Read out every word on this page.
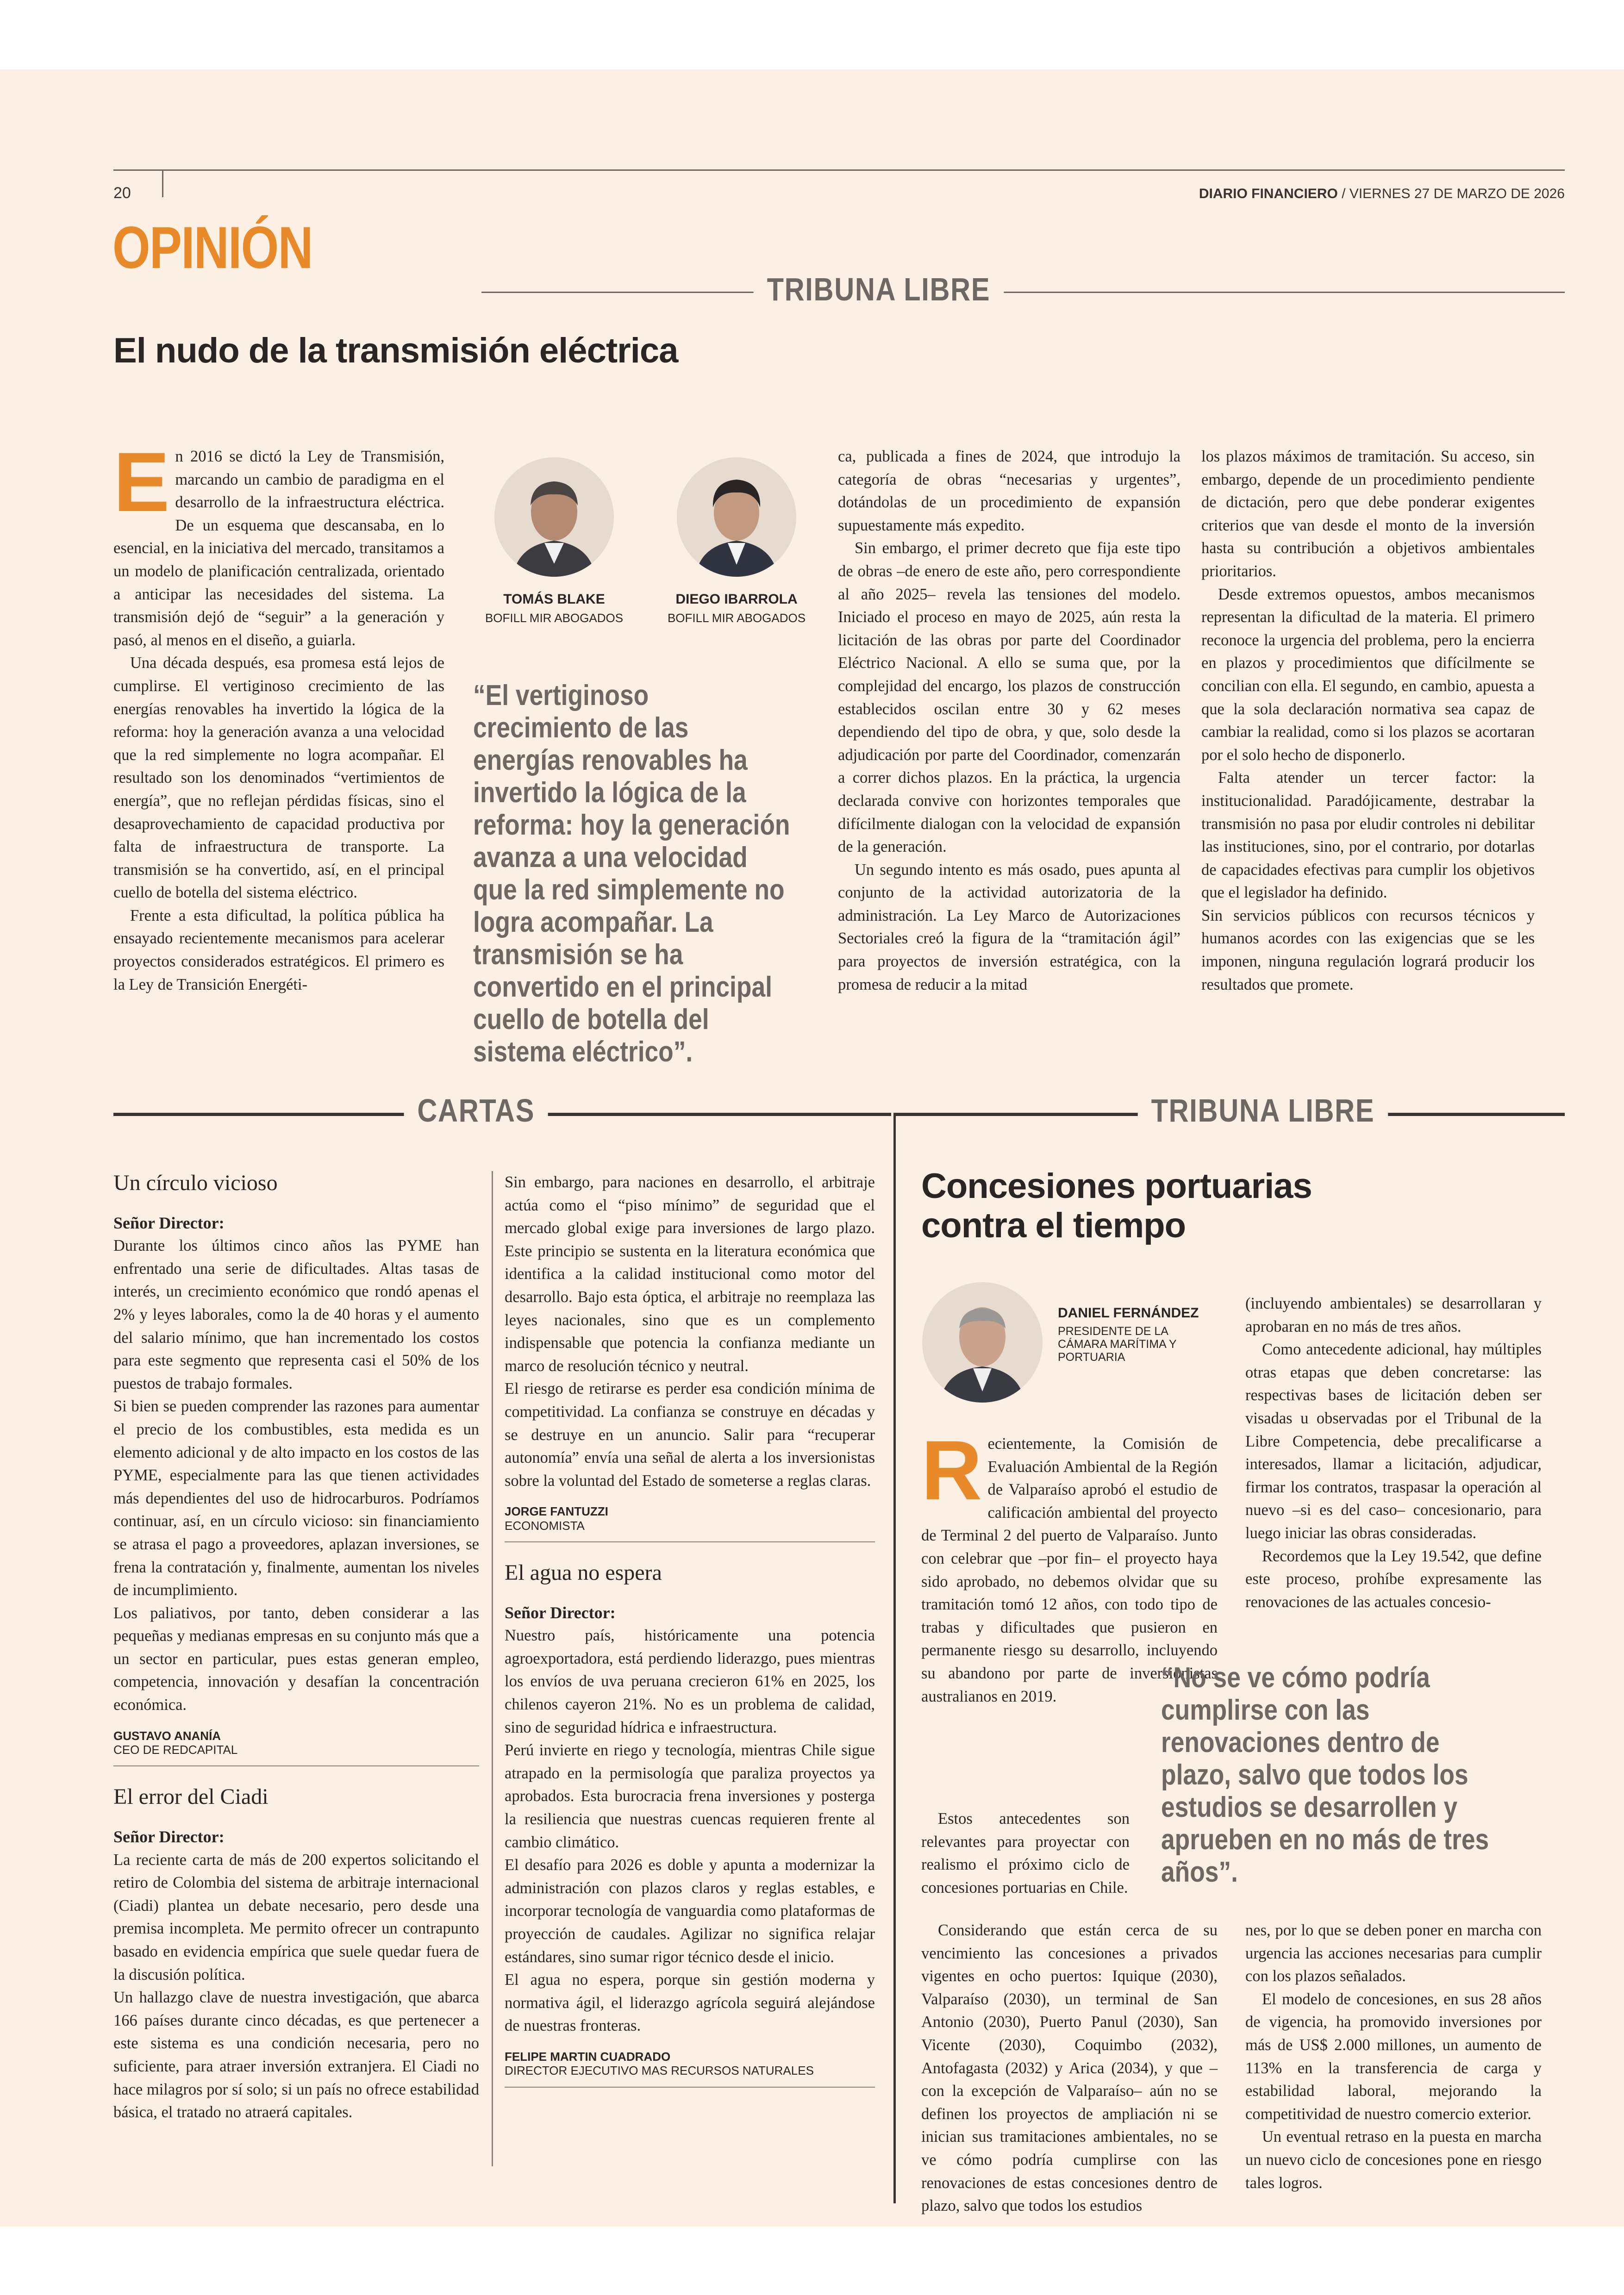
20	DIARIO FINANCIERO / VIERNES 27 DE MARZO DE 2026
OPINIÓN
TRIBUNA LIBRE
El nudo de la transmisión eléctrica

En 2016 se dictó la Ley de Transmisión, marcando un cambio de paradigma en el desarrollo de la infraestructura eléctrica. De un esquema que descansaba, en lo esencial, en la iniciativa del mercado, transitamos a un modelo de planificación centralizada, orientado a anticipar las necesidades del sistema. La transmisión dejó de “seguir” a la generación y pasó, al menos en el diseño, a guiarla.

Una década después, esa promesa está lejos de cumplirse. El vertiginoso crecimiento de las energías renovables ha invertido la lógica de la reforma: hoy la generación avanza a una velocidad que la red simplemente no logra acompañar. El resultado son los denominados “vertimientos de energía”, que no reflejan pérdidas físicas, sino el desaprovechamiento de capacidad productiva por falta de infraestructura de transporte. La transmisión se ha convertido, así, en el principal cuello de botella del sistema eléctrico.

Frente a esta dificultad, la política pública ha ensayado recientemente mecanismos para acelerar proyectos considerados estratégicos. El primero es la Ley de Transición Energéti-

TOMÁS BLAKE
BOFILL MIR ABOGADOS
DIEGO IBARROLA
BOFILL MIR ABOGADOS
“El vertiginoso crecimiento de las energías renovables ha invertido la lógica de la reforma: hoy la generación avanza a una velocidad que la red simplemente no logra acompañar. La transmisión se ha convertido en el principal cuello de botella del sistema eléctrico”.

ca, publicada a fines de 2024, que introdujo la categoría de obras “necesarias y urgentes”, dotándolas de un procedimiento de expansión supuestamente más expedito.

Sin embargo, el primer decreto que fija este tipo de obras –de enero de este año, pero correspondiente al año 2025– revela las tensiones del modelo. Iniciado el proceso en mayo de 2025, aún resta la licitación de las obras por parte del Coordinador Eléctrico Nacional. A ello se suma que, por la complejidad del encargo, los plazos de construcción establecidos oscilan entre 30 y 62 meses dependiendo del tipo de obra, y que, solo desde la adjudicación por parte del Coordinador, comenzarán a correr dichos plazos. En la práctica, la urgencia declarada convive con horizontes temporales que difícilmente dialogan con la velocidad de expansión de la generación.

Un segundo intento es más osado, pues apunta al conjunto de la actividad autorizatoria de la administración. La Ley Marco de Autorizaciones Sectoriales creó la figura de la “tramitación ágil” para proyectos de inversión estratégica, con la promesa de reducir a la mitad

los plazos máximos de tramitación. Su acceso, sin embargo, depende de un procedimiento pendiente de dictación, pero que debe ponderar exigentes criterios que van desde el monto de la inversión hasta su contribución a objetivos ambientales prioritarios.

Desde extremos opuestos, ambos mecanismos representan la dificultad de la materia. El primero reconoce la urgencia del problema, pero la encierra en plazos y procedimientos que difícilmente se concilian con ella. El segundo, en cambio, apuesta a que la sola declaración normativa sea capaz de cambiar la realidad, como si los plazos se acortaran por el solo hecho de disponerlo.

Falta atender un tercer factor: la institucionalidad. Paradójicamente, destrabar la transmisión no pasa por eludir controles ni debilitar las instituciones, sino, por el contrario, por dotarlas de capacidades efectivas para cumplir los objetivos que el legislador ha definido.

Sin servicios públicos con recursos técnicos y humanos acordes con las exigencias que se les imponen, ninguna regulación logrará producir los resultados que promete.

CARTAS	TRIBUNA LIBRE
Un círculo vicioso
Señor Director:

Durante los últimos cinco años las PYME han enfrentado una serie de dificultades. Altas tasas de interés, un crecimiento económico que rondó apenas el 2% y leyes laborales, como la de 40 horas y el aumento del salario mínimo, que han incrementado los costos para este segmento que representa casi el 50% de los puestos de trabajo formales.

Si bien se pueden comprender las razones para aumentar el precio de los combustibles, esta medida es un elemento adicional y de alto impacto en los costos de las PYME, especialmente para las que tienen actividades más dependientes del uso de hidrocarburos. Podríamos continuar, así, en un círculo vicioso: sin financiamiento se atrasa el pago a proveedores, aplazan inversiones, se frena la contratación y, finalmente, aumentan los niveles de incumplimiento.

Los paliativos, por tanto, deben considerar a las pequeñas y medianas empresas en su conjunto más que a un sector en particular, pues estas generan empleo, competencia, innovación y desafían la concentración económica.

GUSTAVO ANANÍA
CEO DE REDCAPITAL
El error del Ciadi
Señor Director:

La reciente carta de más de 200 expertos solicitando el retiro de Colombia del sistema de arbitraje internacional (Ciadi) plantea un debate necesario, pero desde una premisa incompleta. Me permito ofrecer un contrapunto basado en evidencia empírica que suele quedar fuera de la discusión política.

Un hallazgo clave de nuestra investigación, que abarca 166 países durante cinco décadas, es que pertenecer a este sistema es una condición necesaria, pero no suficiente, para atraer inversión extranjera. El Ciadi no hace milagros por sí solo; si un país no ofrece estabilidad básica, el tratado no atraerá capitales.

Sin embargo, para naciones en desarrollo, el arbitraje actúa como el “piso mínimo” de seguridad que el mercado global exige para inversiones de largo plazo. Este principio se sustenta en la literatura económica que identifica a la calidad institucional como motor del desarrollo. Bajo esta óptica, el arbitraje no reemplaza las leyes nacionales, sino que es un complemento indispensable que potencia la confianza mediante un marco de resolución técnico y neutral.

El riesgo de retirarse es perder esa condición mínima de competitividad. La confianza se construye en décadas y se destruye en un anuncio. Salir para “recuperar autonomía” envía una señal de alerta a los inversionistas sobre la voluntad del Estado de someterse a reglas claras.

JORGE FANTUZZI
ECONOMISTA
El agua no espera
Señor Director:

Nuestro país, históricamente una potencia agroexportadora, está perdiendo liderazgo, pues mientras los envíos de uva peruana crecieron 61% en 2025, los chilenos cayeron 21%. No es un problema de calidad, sino de seguridad hídrica e infraestructura.

Perú invierte en riego y tecnología, mientras Chile sigue atrapado en la permisología que paraliza proyectos ya aprobados. Esta burocracia frena inversiones y posterga la resiliencia que nuestras cuencas requieren frente al cambio climático.

El desafío para 2026 es doble y apunta a modernizar la administración con plazos claros y reglas estables, e incorporar tecnología de vanguardia como plataformas de proyección de caudales. Agilizar no significa relajar estándares, sino sumar rigor técnico desde el inicio.

El agua no espera, porque sin gestión moderna y normativa ágil, el liderazgo agrícola seguirá alejándose de nuestras fronteras.

FELIPE MARTIN CUADRADO
DIRECTOR EJECUTIVO MAS RECURSOS NATURALES
Concesiones portuarias
contra el tiempo
DANIEL FERNÁNDEZ
PRESIDENTE DE LA
CÁMARA MARÍTIMA Y
PORTUARIA

Recientemente, la Comisión de Evaluación Ambiental de la Región de Valparaíso aprobó el estudio de calificación ambiental del proyecto de Terminal 2 del puerto de Valparaíso. Junto con celebrar que –por fin– el proyecto haya sido aprobado, no debemos olvidar que su tramitación tomó 12 años, con todo tipo de trabas y dificultades que pusieron en permanente riesgo su desarrollo, incluyendo su abandono por parte de inversionistas australianos en 2019.

Estos antecedentes son relevantes para proyectar con realismo el próximo ciclo de concesiones portuarias en Chile.

Considerando que están cerca de su vencimiento las concesiones a privados vigentes en ocho puertos: Iquique (2030), Valparaíso (2030), un terminal de San Antonio (2030), Puerto Panul (2030), San Vicente (2030), Coquimbo (2032), Antofagasta (2032) y Arica (2034), y que –con la excepción de Valparaíso– aún no se definen los proyectos de ampliación ni se inician sus tramitaciones ambientales, no se ve cómo podría cumplirse con las renovaciones de estas concesiones dentro de plazo, salvo que todos los estudios

(incluyendo ambientales) se desarrollaran y aprobaran en no más de tres años.

Como antecedente adicional, hay múltiples otras etapas que deben concretarse: las respectivas bases de licitación deben ser visadas u observadas por el Tribunal de la Libre Competencia, debe precalificarse a interesados, llamar a licitación, adjudicar, firmar los contratos, traspasar la operación al nuevo –si es del caso– concesionario, para luego iniciar las obras consideradas.

Recordemos que la Ley 19.542, que define este proceso, prohíbe expresamente las renovaciones de las actuales concesio-

“No se ve cómo podría cumplirse con las renovaciones dentro de plazo, salvo que todos los estudios se desarrollen y aprueben en no más de tres años”.

nes, por lo que se deben poner en marcha con urgencia las acciones necesarias para cumplir con los plazos señalados.

El modelo de concesiones, en sus 28 años de vigencia, ha promovido inversiones por más de US$ 2.000 millones, un aumento de 113% en la transferencia de carga y estabilidad laboral, mejorando la competitividad de nuestro comercio exterior.

Un eventual retraso en la puesta en marcha un nuevo ciclo de concesiones pone en riesgo tales logros.
